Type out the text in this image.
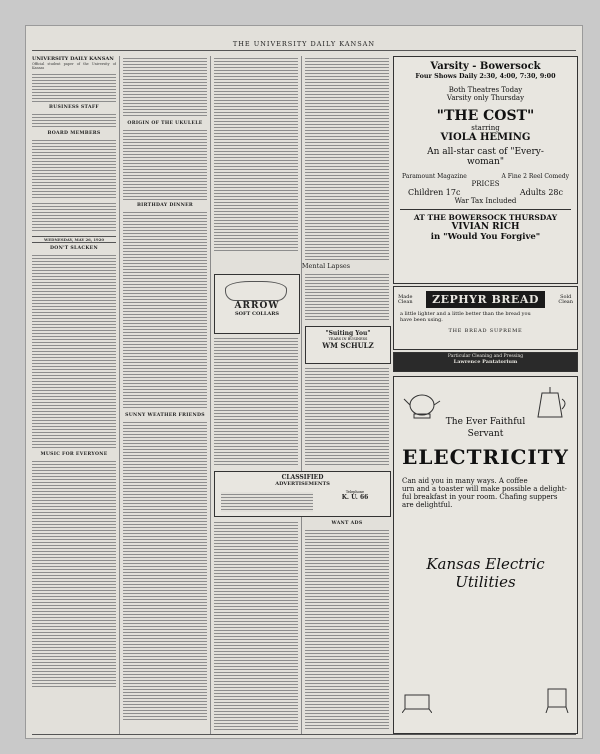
THE UNIVERSITY DAILY KANSAN
UNIVERSITY DAILY KANSAN
Official student paper of the University of Kansas
BUSINESS STAFF
BOARD MEMBERS
WEDNESDAY, MAY 26, 1920
DON'T SLACKEN
MUSIC FOR EVERYONE
ORIGIN OF THE UKULELE
BIRTHDAY DINNER
SUNNY WEATHER FRIENDS
Mental Lapses
ARROW
SOFT COLLARS
"Suiting You"
YEARS IN BUSINESS
WM SCHULZ
CLASSIFIED
ADVERTISEMENTS
Telephone
K. U. 66
WANT ADS
Varsity - Bowersock
Four Shows Daily 2:30, 4:00, 7:30, 9:00
Both Theatres Today
Varsity only Thursday
"THE COST"
starring
VIOLA HEMING
An all-star cast of "Every-
woman"
Paramount Magazine	A Fine 2 Reel Comedy
PRICES
Children 17c	Adults 28c
War Tax Included
AT THE BOWERSOCK THURSDAY
VIVIAN RICH
in "Would You Forgive"
Made
Clean	ZEPHYR BREAD	Sold
Clean
a little lighter and a little better than the bread you
have been using.
THE BREAD SUPREME
Particular Cleaning and Pressing
Lawrence Pantatorium
The Ever Faithful
Servant
ELECTRICITY
Can aid you in many ways. A coffee
urn and a toaster will make possible a delight-
ful breakfast in your room. Chafing suppers
are delightful.
Kansas Electric
Utilities
